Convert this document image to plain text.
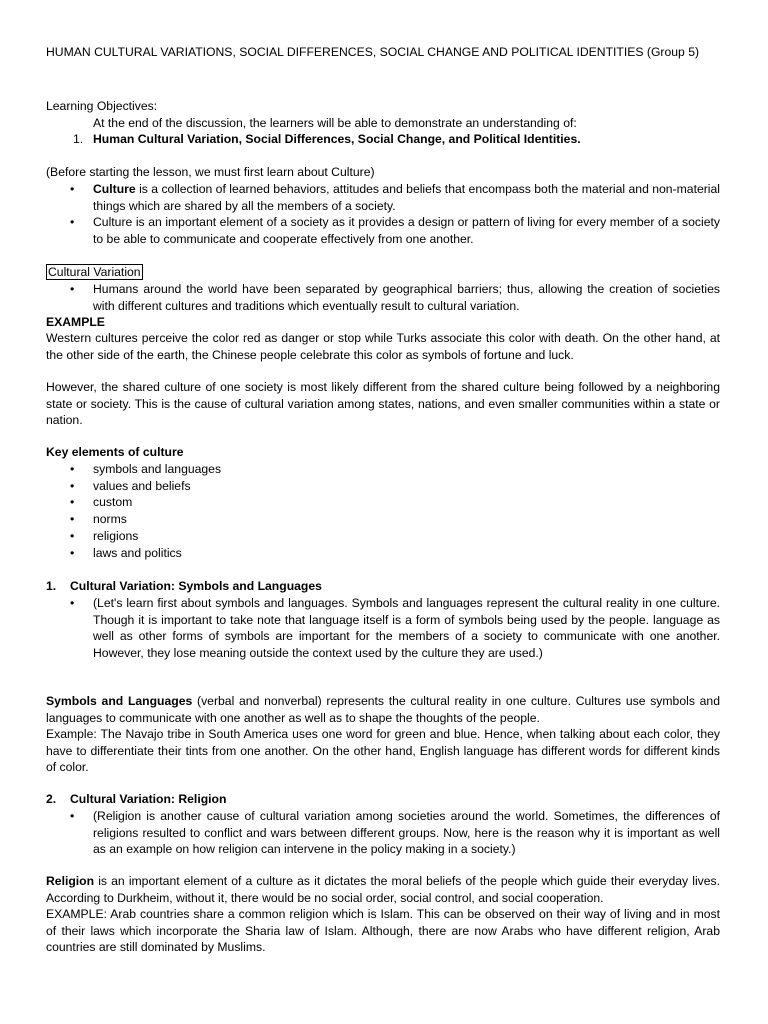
HUMAN CULTURAL VARIATIONS, SOCIAL DIFFERENCES, SOCIAL CHANGE AND POLITICAL IDENTITIES (Group 5)
Learning Objectives:
At the end of the discussion, the learners will be able to demonstrate an understanding of:
1. Human Cultural Variation, Social Differences, Social Change, and Political Identities.
(Before starting the lesson, we must first learn about Culture)
• Culture is a collection of learned behaviors, attitudes and beliefs that encompass both the material and non-material things which are shared by all the members of a society.
• Culture is an important element of a society as it provides a design or pattern of living for every member of a society to be able to communicate and cooperate effectively from one another.
Cultural Variation
• Humans around the world have been separated by geographical barriers; thus, allowing the creation of societies with different cultures and traditions which eventually result to cultural variation.
EXAMPLE
Western cultures perceive the color red as danger or stop while Turks associate this color with death. On the other hand, at the other side of the earth, the Chinese people celebrate this color as symbols of fortune and luck.
However, the shared culture of one society is most likely different from the shared culture being followed by a neighboring state or society. This is the cause of cultural variation among states, nations, and even smaller communities within a state or nation.
Key elements of culture
• symbols and languages
• values and beliefs
• custom
• norms
• religions
• laws and politics
1. Cultural Variation: Symbols and Languages
• (Let's learn first about symbols and languages. Symbols and languages represent the cultural reality in one culture. Though it is important to take note that language itself is a form of symbols being used by the people. language as well as other forms of symbols are important for the members of a society to communicate with one another. However, they lose meaning outside the context used by the culture they are used.)
Symbols and Languages (verbal and nonverbal) represents the cultural reality in one culture. Cultures use symbols and languages to communicate with one another as well as to shape the thoughts of the people.
Example: The Navajo tribe in South America uses one word for green and blue. Hence, when talking about each color, they have to differentiate their tints from one another. On the other hand, English language has different words for different kinds of color.
2. Cultural Variation: Religion
• (Religion is another cause of cultural variation among societies around the world. Sometimes, the differences of religions resulted to conflict and wars between different groups. Now, here is the reason why it is important as well as an example on how religion can intervene in the policy making in a society.)
Religion is an important element of a culture as it dictates the moral beliefs of the people which guide their everyday lives. According to Durkheim, without it, there would be no social order, social control, and social cooperation.
EXAMPLE: Arab countries share a common religion which is Islam. This can be observed on their way of living and in most of their laws which incorporate the Sharia law of Islam. Although, there are now Arabs who have different religion, Arab countries are still dominated by Muslims.
